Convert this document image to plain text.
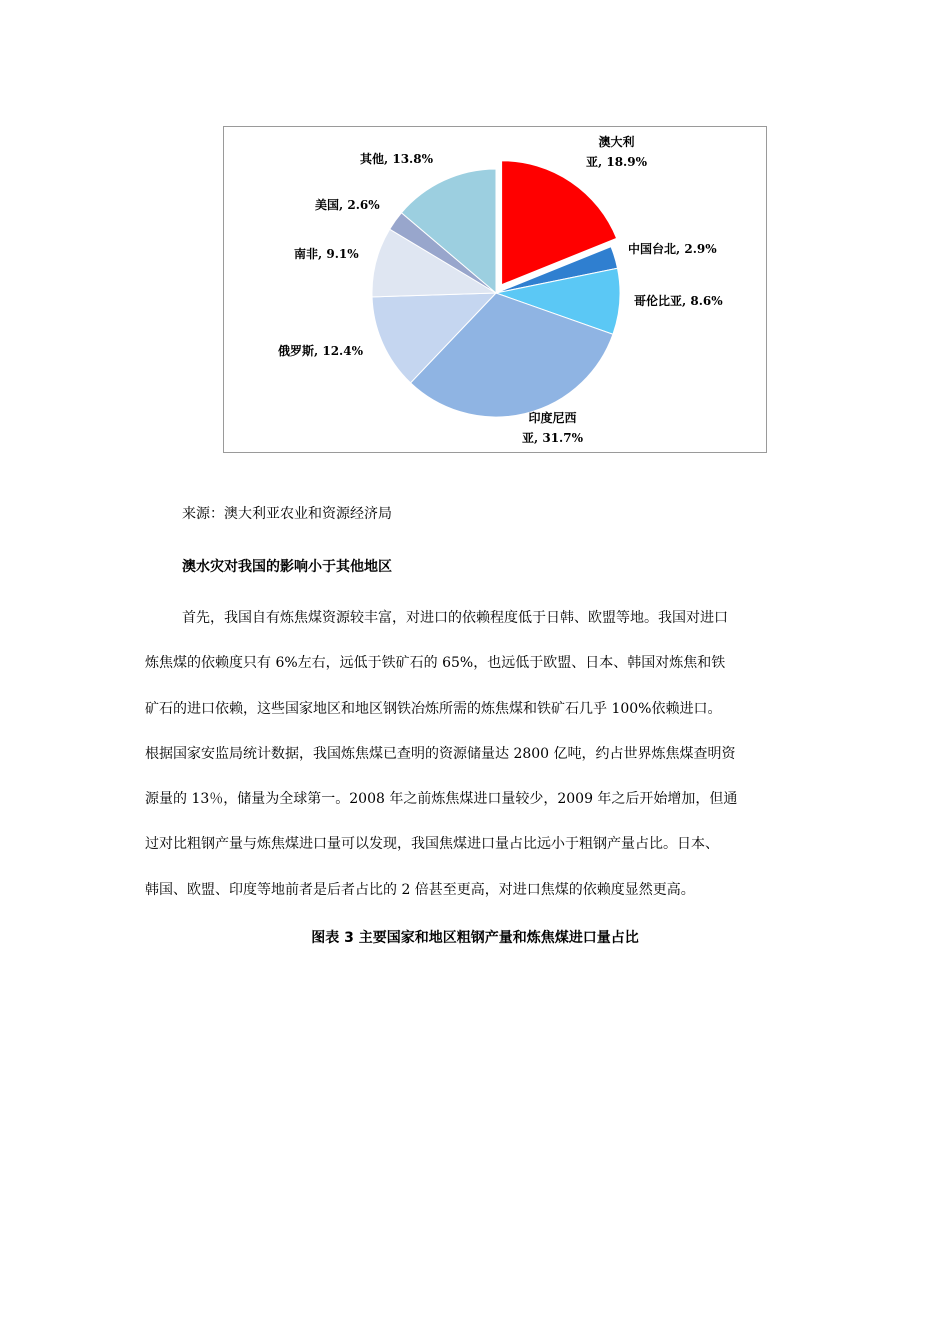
澳大利
亚, 18.9%
中国台北, 2.9%
哥伦比亚, 8.6%
印度尼西
亚, 31.7%
俄罗斯, 12.4%
南非, 9.1%
美国, 2.6%
其他, 13.8%
来源：澳大利亚农业和资源经济局
澳水灾对我国的影响小于其他地区

首先，我国自有炼焦煤资源较丰富，对进口的依赖程度低于日韩、欧盟等地。我国对进口
炼焦煤的依赖度只有 6%左右，远低于铁矿石的 65%，也远低于欧盟、日本、韩国对炼焦和铁
矿石的进口依赖，这些国家地区和地区钢铁冶炼所需的炼焦煤和铁矿石几乎 100%依赖进口。
根据国家安监局统计数据，我国炼焦煤已查明的资源储量达 2800 亿吨，约占世界炼焦煤查明资
源量的 13％，储量为全球第一。2008 年之前炼焦煤进口量较少，2009 年之后开始增加，但通
过对比粗钢产量与炼焦煤进口量可以发现，我国焦煤进口量占比远小于粗钢产量占比。日本、
韩国、欧盟、印度等地前者是后者占比的 2 倍甚至更高，对进口焦煤的依赖度显然更高。

图表 3 主要国家和地区粗钢产量和炼焦煤进口量占比
